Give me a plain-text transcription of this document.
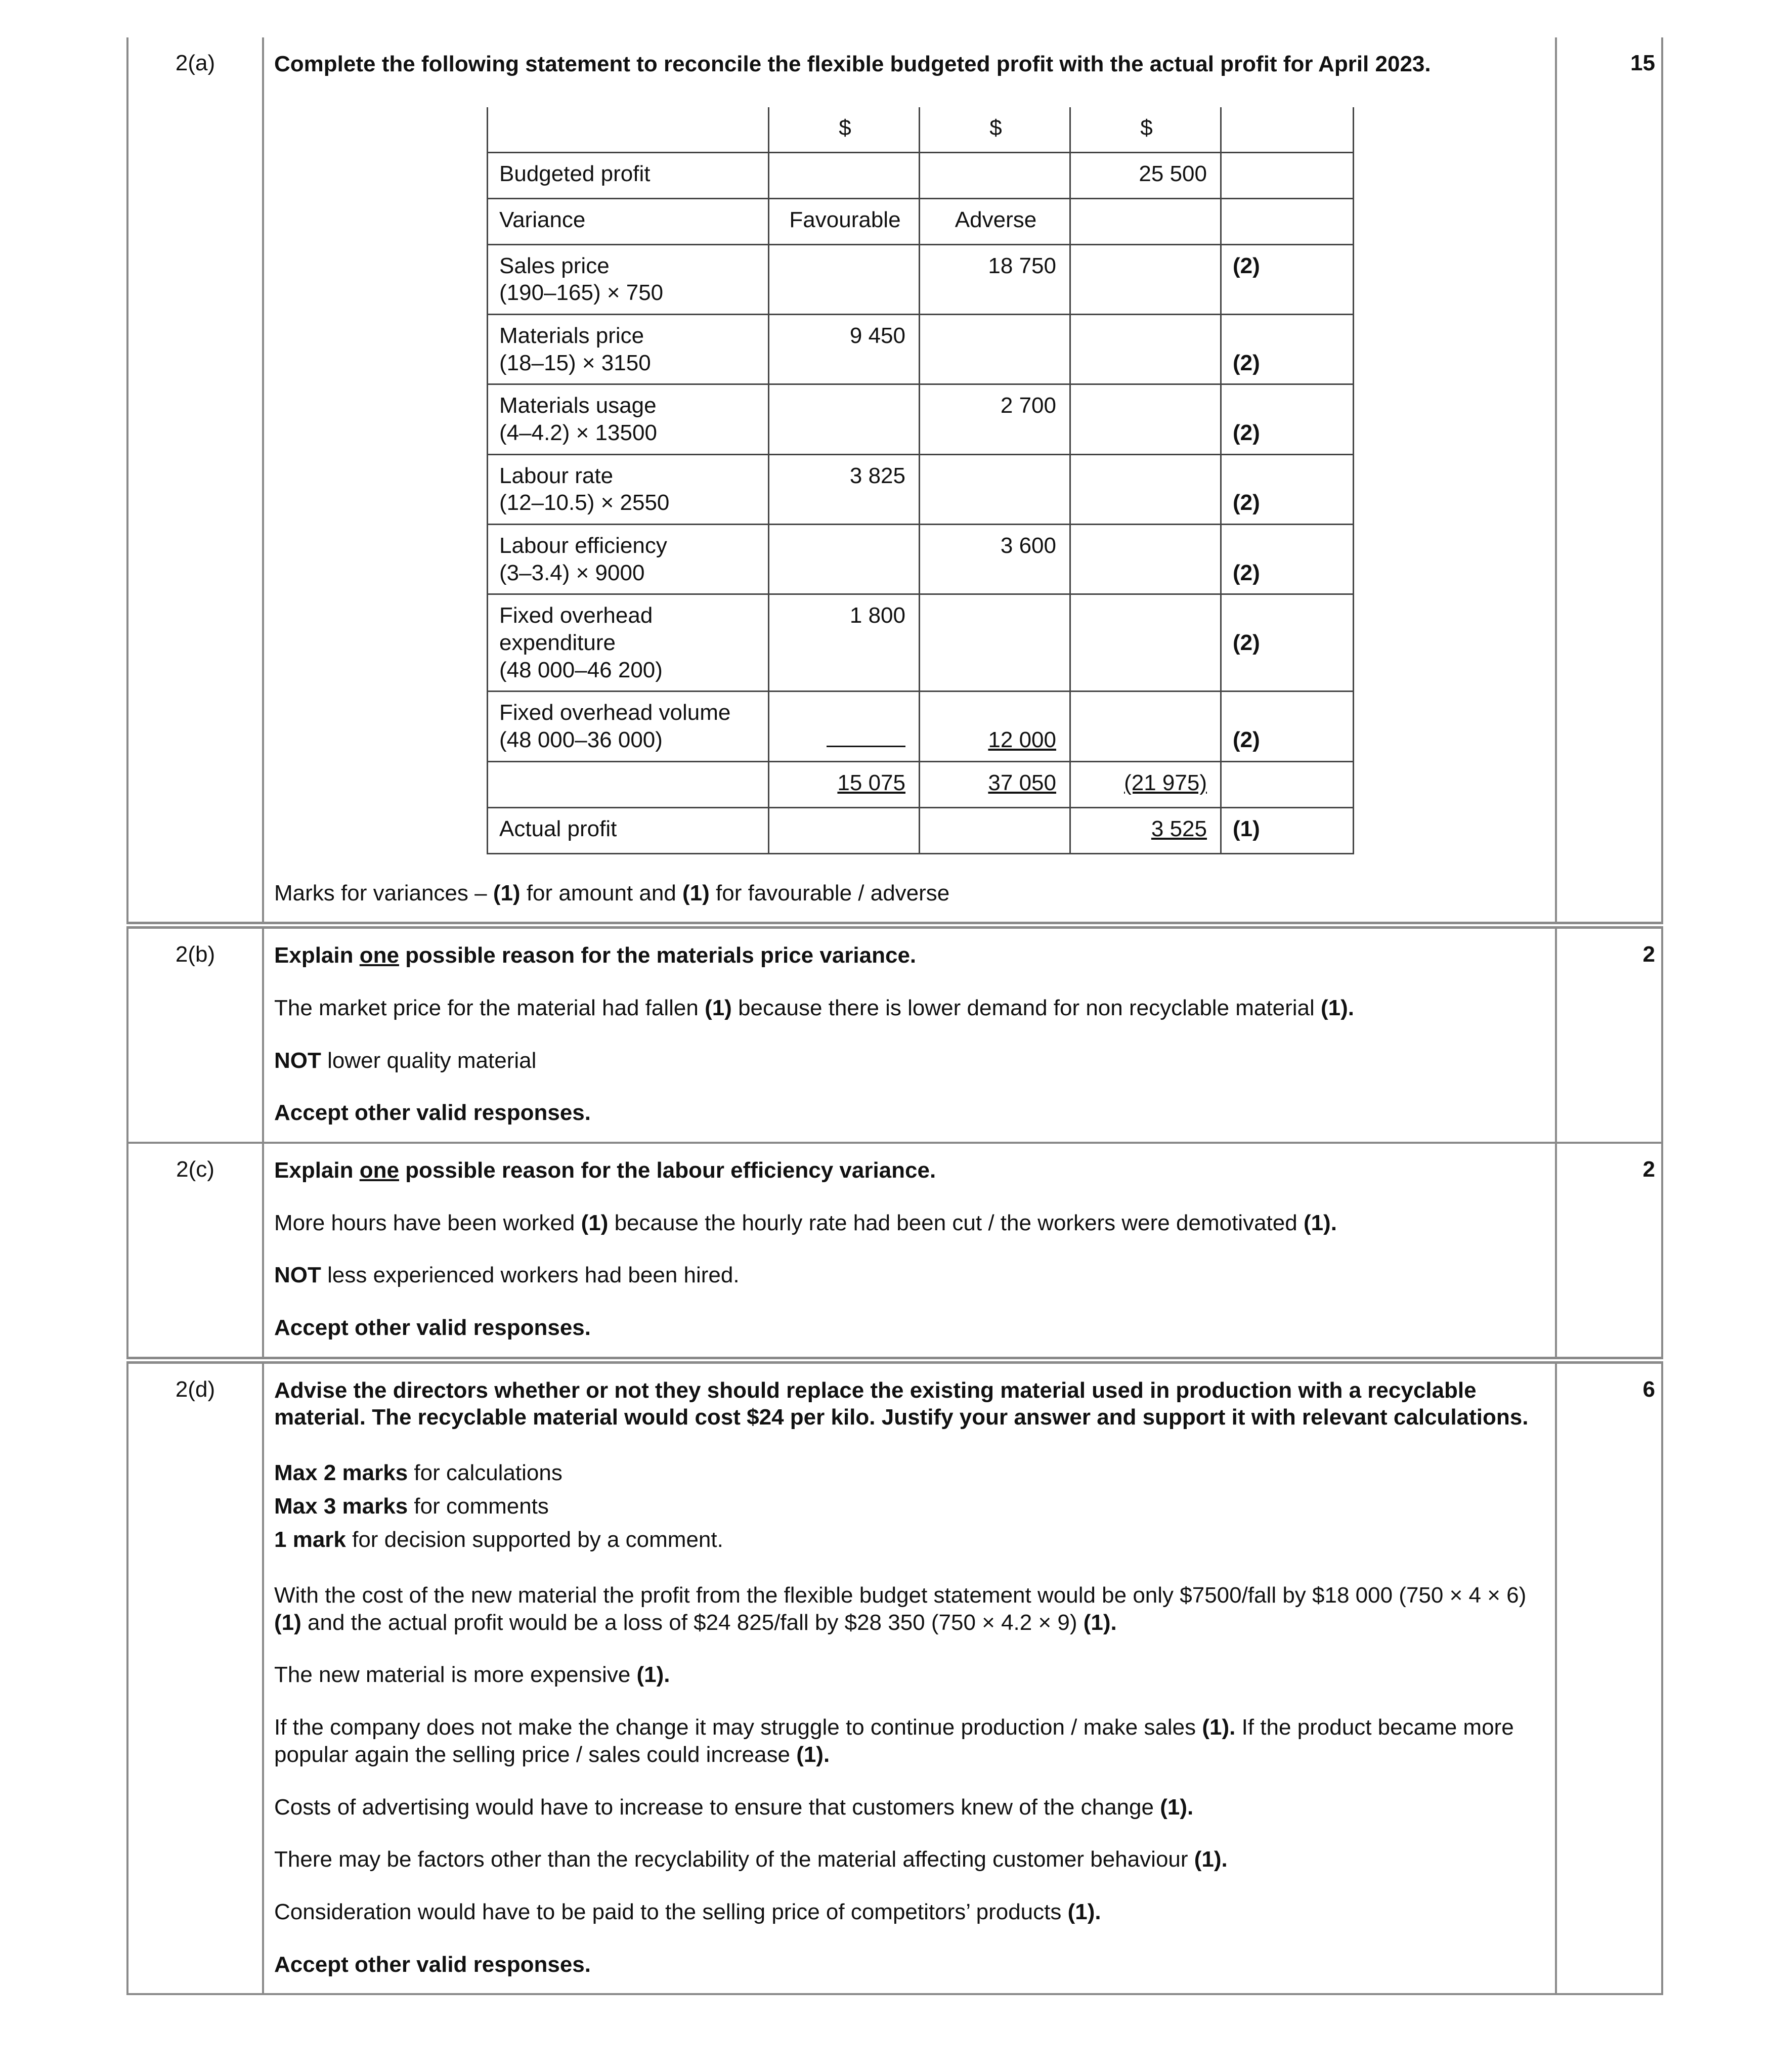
2(a)	Complete the following statement to reconcile the flexible budgeted profit with the actual profit for April 2023.
	$	$	$	
Budgeted profit			25 500	
Variance	Favourable	Adverse		

Sales price
(190–165) × 750
		18 750		(2)

Materials price
(18–15) × 3150
	9 450			(2)

Materials usage
(4–4.2) × 13500
		2 700		(2)

Labour rate
(12–10.5) × 2550
	3 825			(2)

Labour efficiency
(3–3.4) × 9000
		3 600		(2)

Fixed overhead
expenditure
(48 000–46 200)
	1 800			(2)

Fixed overhead volume
(48 000–36 000)		12 000		(2)
	15 075	37 050	(21 975)	
Actual profit			3 525	(1)
Marks for variances – (1) for amount and (1) for favourable / adverse
	15
2(b)	Explain one possible reason for the materials price variance.

The market price for the material had fallen (1) because there is lower demand for non recyclable material (1).

NOT lower quality material

Accept other valid responses.

	2
2(c)	Explain one possible reason for the labour efficiency variance.

More hours have been worked (1) because the hourly rate had been cut / the workers were demotivated (1).

NOT less experienced workers had been hired.

Accept other valid responses.

	2
2(d)	Advise the directors whether or not they should replace the existing material used in production with a recyclable material. The recyclable material would cost $24 per kilo. Justify your answer and support it with relevant calculations.

Max 2 marks for calculations
Max 3 marks for comments
1 mark for decision supported by a comment.

With the cost of the new material the profit from the flexible budget statement would be only $7500/fall by $18 000 (750 × 4 × 6) (1) and the actual profit would be a loss of $24 825/fall by $28 350 (750 × 4.2 × 9) (1).

The new material is more expensive (1).

If the company does not make the change it may struggle to continue production / make sales (1). If the product became more popular again the selling price / sales could increase (1).

Costs of advertising would have to increase to ensure that customers knew of the change (1).

There may be factors other than the recyclability of the material affecting customer behaviour (1).

Consideration would have to be paid to the selling price of competitors’ products (1).

Accept other valid responses.

	6
